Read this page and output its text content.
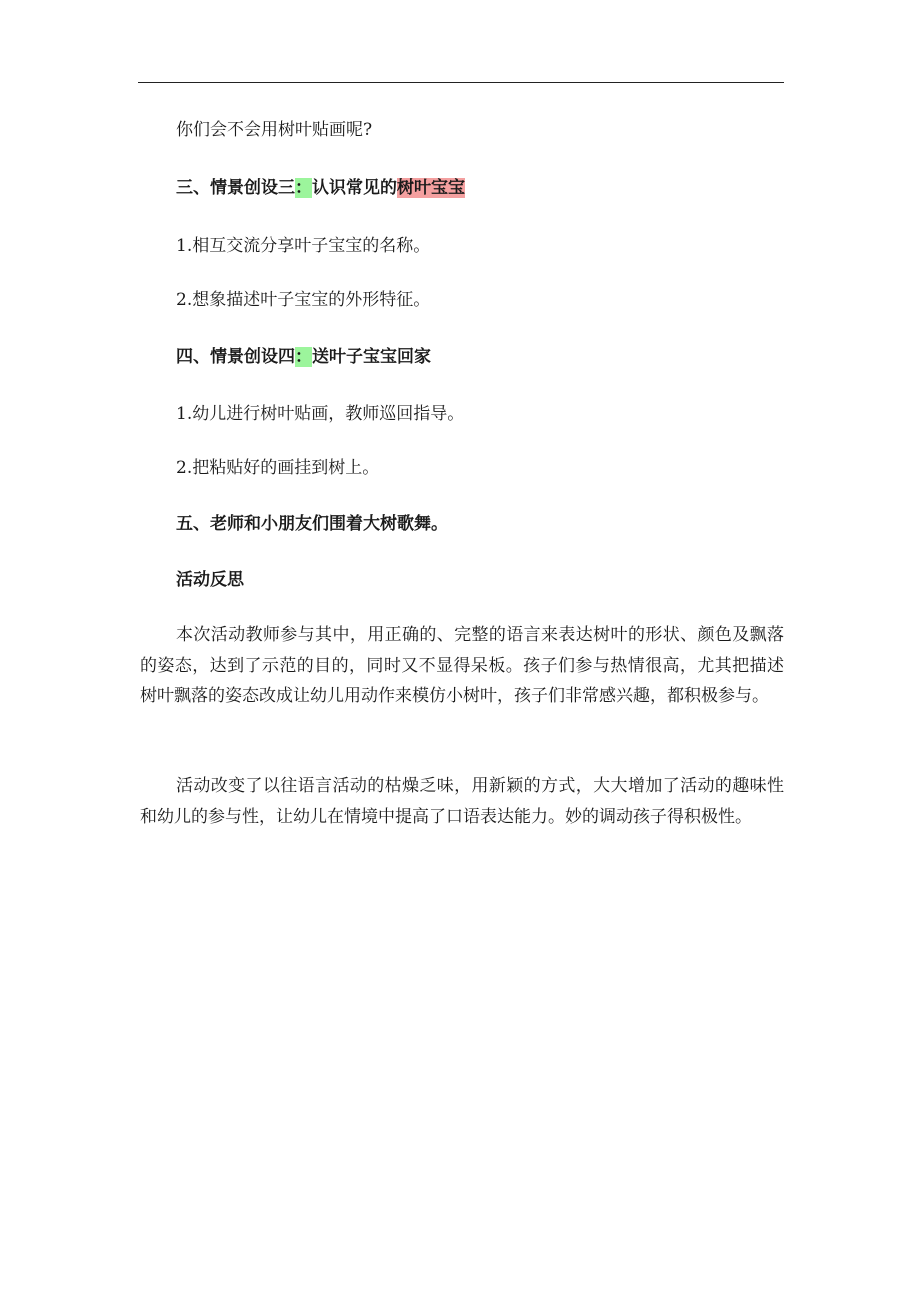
你们会不会用树叶贴画呢?
三、情景创设三：认识常见的树叶宝宝
1.相互交流分享叶子宝宝的名称。
2.想象描述叶子宝宝的外形特征。
四、情景创设四：送叶子宝宝回家
1.幼儿进行树叶贴画，教师巡回指导。
2.把粘贴好的画挂到树上。
五、老师和小朋友们围着大树歌舞。
活动反思
本次活动教师参与其中，用正确的、完整的语言来表达树叶的形状、颜色及飘落的姿态，达到了示范的目的，同时又不显得呆板。孩子们参与热情很高，尤其把描述树叶飘落的姿态改成让幼儿用动作来模仿小树叶，孩子们非常感兴趣，都积极参与。
活动改变了以往语言活动的枯燥乏味，用新颖的方式，大大增加了活动的趣味性和幼儿的参与性，让幼儿在情境中提高了口语表达能力。妙的调动孩子得积极性。
